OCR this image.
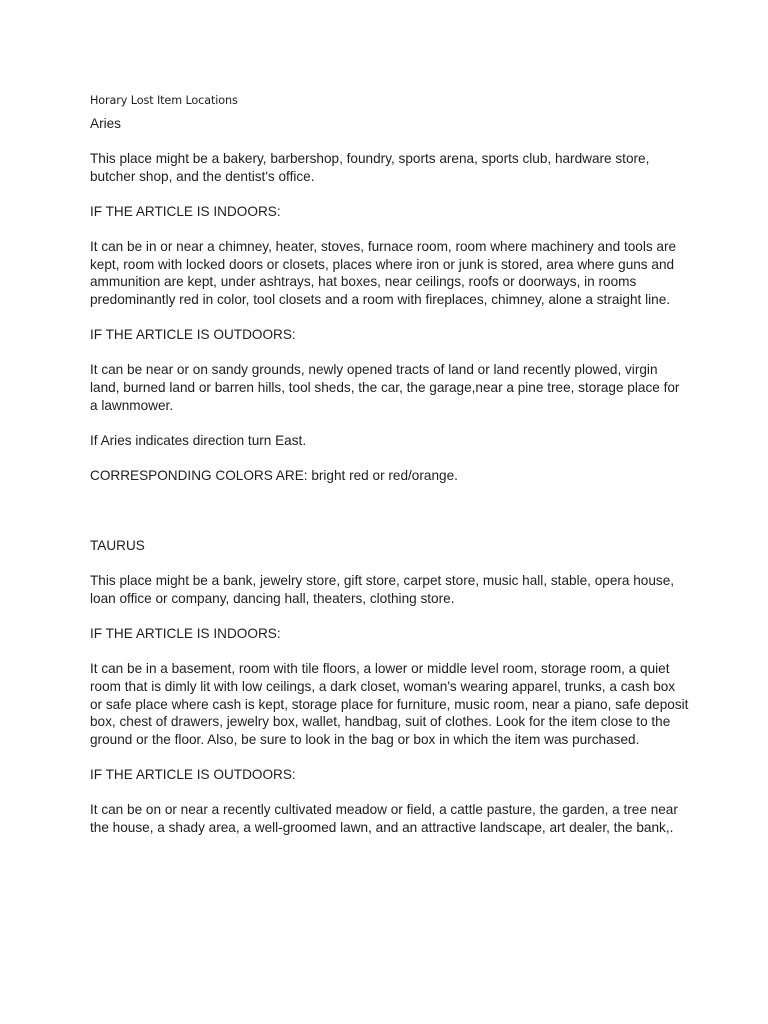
Horary Lost Item Locations
Aries

This place might be a bakery, barbershop, foundry, sports arena, sports club, hardware store, butcher shop, and the dentist's office.

IF THE ARTICLE IS INDOORS:

It can be in or near a chimney, heater, stoves, furnace room, room where machinery and tools are kept, room with locked doors or closets, places where iron or junk is stored, area where guns and ammunition are kept, under ashtrays, hat boxes, near ceilings, roofs or doorways, in rooms predominantly red in color, tool closets and a room with fireplaces, chimney, alone a straight line.

IF THE ARTICLE IS OUTDOORS:

It can be near or on sandy grounds, newly opened tracts of land or land recently plowed, virgin land, burned land or barren hills, tool sheds, the car, the garage,near a pine tree, storage place for a lawnmower.

If Aries indicates direction turn East.

CORRESPONDING COLORS ARE: bright red or red/orange.

TAURUS

This place might be a bank, jewelry store, gift store, carpet store, music hall, stable, opera house, loan office or company, dancing hall, theaters, clothing store.

IF THE ARTICLE IS INDOORS:

It can be in a basement, room with tile floors, a lower or middle level room, storage room, a quiet room that is dimly lit with low ceilings, a dark closet, woman's wearing apparel, trunks, a cash box or safe place where cash is kept, storage place for furniture, music room, near a piano, safe deposit box, chest of drawers, jewelry box, wallet, handbag, suit of clothes. Look for the item close to the ground or the floor. Also, be sure to look in the bag or box in which the item was purchased.

IF THE ARTICLE IS OUTDOORS:

It can be on or near a recently cultivated meadow or field, a cattle pasture, the garden, a tree near the house, a shady area, a well-groomed lawn, and an attractive landscape, art dealer, the bank,.
